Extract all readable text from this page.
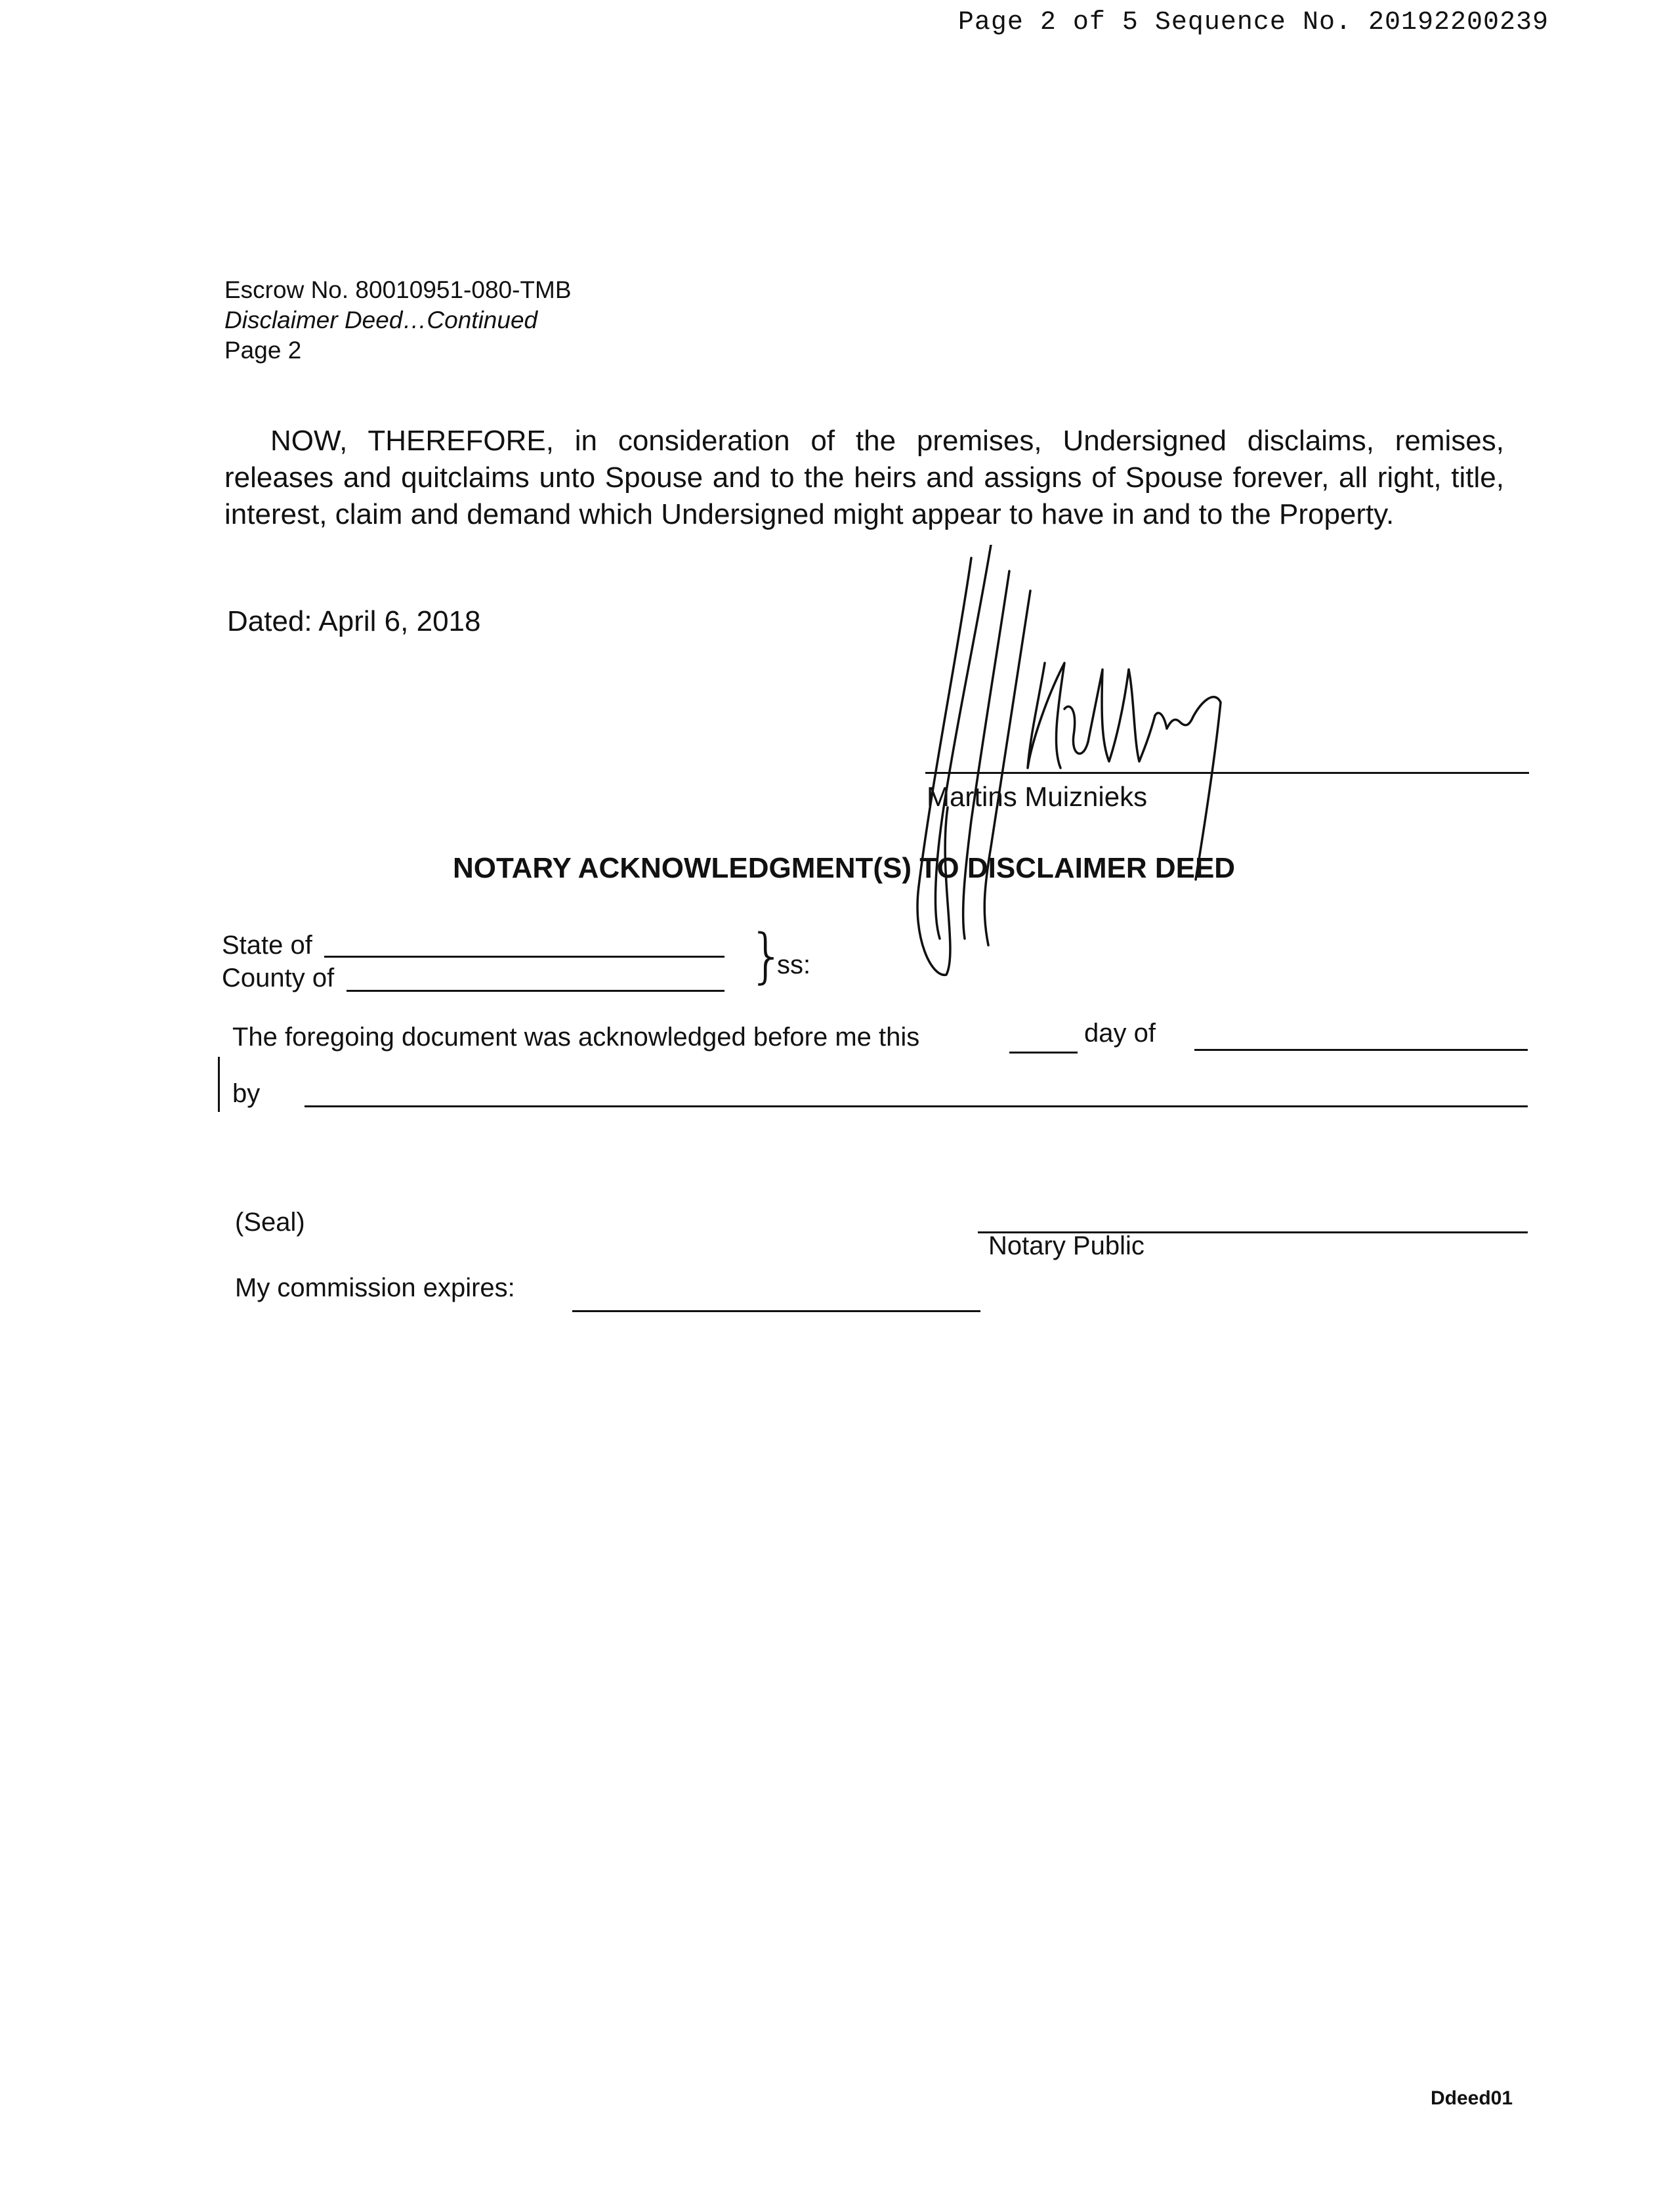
Page 2 of 5 Sequence No. 20192200239
Escrow No. 80010951-080-TMB
Disclaimer Deed…Continued
Page 2
NOW, THEREFORE, in consideration of the premises, Undersigned disclaims, remises, releases and quitclaims unto Spouse and to the heirs and assigns of Spouse forever, all right, title, interest, claim and demand which Undersigned might appear to have in and to the Property.
Dated: April 6, 2018
Martins Muiznieks
NOTARY ACKNOWLEDGMENT(S) TO DISCLAIMER DEED
State of
County of	}
ss:
The foregoing document was acknowledged before me this	day of
by
(Seal)
Notary Public
My commission expires:
Ddeed01
